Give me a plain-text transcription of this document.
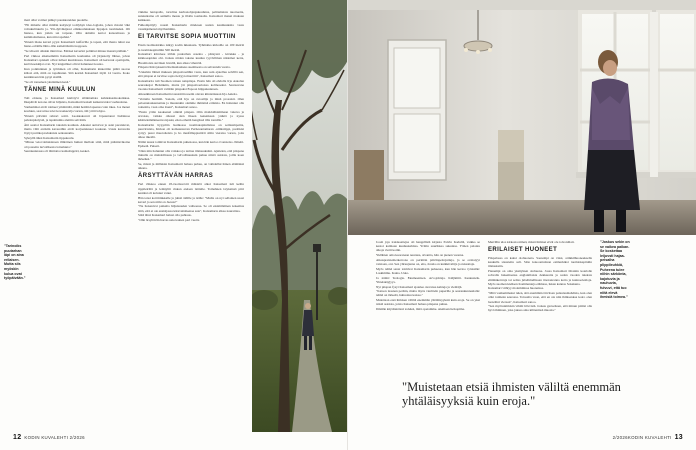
mari ollut voimat pääkyt parekkareiden puolelle.

"Eli mmaile ollut mitään kaityteyt toddyhyn ideo-logiaita, johon ristaisi väki voltukulttuurin ja. Ylä-dyiväkijassi emäkoulutuksen lippujen tuomiseksi. Oli hienoa, kun jotkin sai tarpaan. Olin aimalin kertoi kansomassa ja kammaitamassa, kun niin tapahtui."

Yhtenä ihana kaveri pyysi Kaisamarti kaffaville ja tapasi, että ihasta tuhut saa hieno-oriäälle lähto-tille asmettäästän tuoppaan.

"Se idiootti olinkin minä itse. Emäset kaverini poliktiat minua itsensä pääluin."

Pari vikkoa aikaisemmin Kaisamarin kouluaika oli järjestetty lähtee, johon Kaisamari opiskeli olivat tulleet kuulohassa. Kaisamari oli kertonut opettajalle, kertä kaokkijat ovat. Nyt lenguilleet olivat halunneet kostaa.

Kun potkinninen ja työminen oli ollut, Kaisamarin kiskertitte päätä suoraa kiltosi että, mitä on tapahtunut. Sitä kesäsä Kaisamari täytti 14 vuotta. Koko kesäkinaan hän pysyi sisällä.

"Se oli tonaaleen yksinäinen kesä."

TÄNNE MINÄ KUULUN

Tuli elokuu, ja Kaisamari kielötyvt siläintamata kahdeksasluokoikkaa. Ilkapäivät kotona olivat hiljaista, Kaisamarit kaiselt kaikenvaraisi vaahtosinne.

Vanhemmat eivät toimeet ymmärtää, mikä heidän lapsensa vain itkee. Jos menet kouluun, saat uttaa tolet kovaaksevija varten, äiti yritti lohjoa.

Yhtenä päivänä rehtori soitti. Luokkakaveri oli löpaantanut lisäännoa pahoinpitelystä, ja tapahtumia alettiin selvittää.

Äiti saattoi Kaisamarin takaisin kouluun. Aikanut auttoivat ja asiat parantuvat, mutta välit entisiin kavereihin eivät korjaantuneet koskaan. Uusia kavereita löytyi puritkoproduksista sentaanama.

Syksyllä äiksi Kaisamarin tippakoulu.

"Minua vetovoimaisinaan ilmiöinen huikui mulloin siitä, mitä pääsiäsvikoina oli poteettu turvallisesta loinaluuta."

Seurakunnassa oli tilntiatta ruamaitsppäri, keskel-

vikkina lentopallo, tortolina kerhonohjaajakoulutus, pelitamaista nuorteetia, sunnuntaina oli aamulla messu ja illalla toemaalta. Kaisamari menei mukaan kaikkeen.

Fulkompittyly nousti Kaisamarin mielesen uuden kaumuuksita vasta vausikjemensä myöhemmin.

EI TARVITSE SOPIA MUOTTIIN

Ensin tuomiokirkko näkyy kodin ikkunasta. Tyhmaika kirkoille on 100 metriä ja tuomiokapituliiin 500 metriä.

Kaisamari käveleee töihin puutarhan ceseina - pääsyssä - kivukka - ja kirkkoaapiden ohi. Joskus niiden takana kuuluu tyyrivilmen niklemet kerta, Huomioista suvilaen luvullä, kun alkaa viherrää.

Piispan rhätroyksenä riiteilauttaaheus suemisesta on selvennän vuotta.

"Uskalsin lähteä mukaan piispanvaalihin vasta, kun sain ajatellua selvillä sen, että piispan ei tarvitse sopia tiettyyn muottiin", Kaisamari sanoo.

Kaisamartta tuli Suomen toinen naispiispa. Ensin hän oli ehdolla Irja Askolan seuraaksjai Helsinkiin, mutta jäi piispanvaaloissa kolmoseksi. Seuraavana vuonna Kaisamarti valittiin piispaksi Espoon hiippakunnaan.

Aikaaikinaan Kaisamarin taustoittin useiin olevan kiinteänsuan Irja Askola.

"Vertailu harmitti. Sanoin, että Irja on rutosilija ja minä prosaisti. Olen paloanutaakannettuu ja muutenkin olemme ihmisinä erilaisia. En halunnut olla toinentia, vaan oma itseni", Kaisamari sanoo.

"Ensin yritin kaaksenel omitää piispan. Olin mahdollisimmaan vakava ja urvokas, vaikka olkassi olen ilkeen kenenkaan yniktä ja nyssa käsittelemäänteenvorsjaski, etten erhettä hengässä tilla tonnilla."

Kaisamartin hypyritin laatikossa tuomiokapitulisissa on seitiasmpaitta, puuvirtaisia, Kirkon oli komaansuvan Perhesantamaran -nimistäppi, puolikisi syttyy pussi muotolteista ja ho mesfälleppiaitirit siltin vieraisa varten, jotta alkaa tiketdä.

Nämä tausat toimivat Kaisamarin puhenossa, kun hän kertoo tvonsteiso. Ilmeiti. Epäseiä. Puiseti.

"Olen niin halunnut olla voikkoa ja tarttua tilaisuuksiini. Ajattelen, että piispana minulla on mahdollisuus ja velvollisuuksin puhua niistä asioista, joilla koen tärkeiksi."

Se, missä ja millaisin Kaisamarti haluaa puhua, on vaihdellut hänen elämänsä aikana.

ÄRSYTTÄVÄN HARRAS

Pari viikkoa ennen 18-vuotisuoviti mäisirtä alkoi Kaisamari tuli keltin rippileiriltä ja lemäyttit rinkan eteisen lattialle. Tomahnen istyksinsä piiri kesäksi oli kolunut vanut.

Hän tensi kotttirinkkalle ja juhsti äidille ja isälle: "Mulla on nyt sellainen usasi kaveri ja sen nimi on Jeesus!"

"Ne liokentvat paikalta hiljaisuuden valtteessa. Se oli ensimmäinen kokemus siitä, että ei ole ensisijassa kärevaitsikenaa asia", Kaisamarta alkaa nauraittaa.

Siitä lätsä Kaisamari halusi olla puhtaus.

"Olin ärsyttävän harras uskovainen pari vuotta

"Tarinoiks puutarhan läpi on aina erilaisen. Mutta siis myöskin kulua ovat työpäivään."
12 KODIN KUVALEHTI 2/2026

Joom joja traktuaattejsa oli hengellistä kirjasta Paivin Kadullä, vaikka se kestoi kaimaan kuuluukahtiaa. Yriitin suurihkaa sukuntsa. Yöhen palantu alkoja vietti kotiin.

Yklähien oma kuoranaan neurana, aivantta, hän on pienen vuonna.

Aikuspreistemerkerrona on perimän päivänpeitojuttuja, ja se orsitaiyyt vaistaan, oni. Sen yliruujanna on, eita, Jonala on kuikkivaltija ja ruksattaja.

Myös nämä sanat toimivat Kaisamarin puheessa, kun hän kertoo työnsään: Laskimmu. Kaina. Usko.

Ja nämä: Teologia. Ekumeenisen. Arvojohtaja. Kiäjämiti. Keskustelu. Yhteiskäyjyys.

Nyt piispan fysyt Kaisamari ajatelee olevansa kahteja ja vieittäjä.

"Katson laasnan perään, mutta myös vieritteln puperille ja seurankunnaalalle: nämä on tärkeää, huhuoluu kaisaa."

Mulettaan eteä ihmisen väliltä enemmän yhtäläisyyksiä kuin eroja. Se on yksi niistä asioista, joista Kaisamari haluaa piispana puhua.

Ilmtään käytännöissä todeksi, mitä opetamme. Aiemaan helsopima.

Merrillin ulos kirkosta nimeä, missä ihmiset eivät ole toivoniliait.

ERILAISET HUONEET

Piispalassa on kaksi olohuoneta. Saarempi on vinsi, artikkilhuoneeksella kaukulla sisustettu sali. Sitte kokoontuttaan esimerkiksi tuomiokapitulin tilaisuksiin.

Pienempi on oma yksityinen olohuone. Jossa Kaisamari ilitainin kotelolle sohvalla hakemaansa englantilaisia dekkareita ja sadan vuoden takaista eläimäkerrruja tai seilaa jubelimellisaan tinotanranna kotia ja kunnoolenloja. Myös suomen kielisen Kommenteja elämasa, lukan kannas Sokskuna.

Kaisamari viihtyy molemmissa huoneissa.

"Mitä vanhemmaksi tulen, sitä enemmän tärvitsen palautusmahdisia, kun olen ollut toimenn seurassa. Toisaalta vuon, että en ole niin ihmisenkaa koiro olen luoteltini vieraan", Kaisamari sanoo.

"Sen myötuntimisin vihttit hävvistä. Joskus gaaveileen, että minun pitäisi olla hyvä ihminen, joka jaksaa aina kiltteninsä muosia."

"Joskus sekin on se vaikea paikan. Se koskettaa leijuvsti hajaa- peisaiha plippileuhkiä, Puheena tulee niihin särkönta, kajotuvia ja nauhuvia, fulvuvi, että tuo niitä elevä ihmisiä toimea."
"Muistetaan etsiä ihmisten väliltä enemmän yhtäläisyyksiä kuin eroja."
2/2026KODIN KUVALEHTI 13
